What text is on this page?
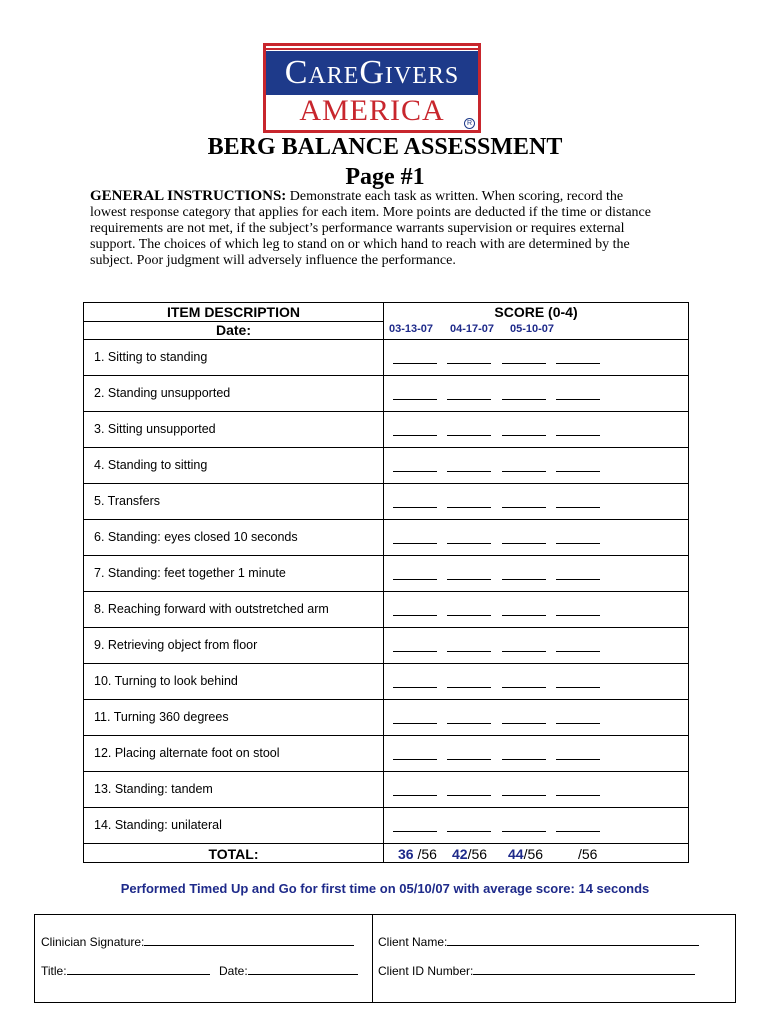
CareGivers
AMERICA	R
BERG BALANCE ASSESSMENT
Page #1
GENERAL INSTRUCTIONS: Demonstrate each task as written. When scoring, record the lowest response category that applies for each item. More points are deducted if the time or distance requirements are not met, if the subject’s performance warrants supervision or requires external support. The choices of which leg to stand on or which hand to reach with are determined by the subject. Poor judgment will adversely influence the performance.
ITEM DESCRIPTION
Date:
SCORE (0-4)
03-13-07 04-17-07 05-10-07
1. Sitting to standing
2. Standing unsupported
3. Sitting unsupported
4. Standing to sitting
5. Transfers
6. Standing: eyes closed 10 seconds
7. Standing: feet together 1 minute
8. Reaching forward with outstretched arm
9. Retrieving object from floor
10. Turning to look behind
11. Turning 360 degrees
12. Placing alternate foot on stool
13. Standing: tandem
14. Standing: unilateral
TOTAL:	36 /56 42/56 44/56 /56
Performed Timed Up and Go for first time on 05/10/07 with average score: 14 seconds
Clinician Signature:	Client Name:
Title:	Date:	Client ID Number:
